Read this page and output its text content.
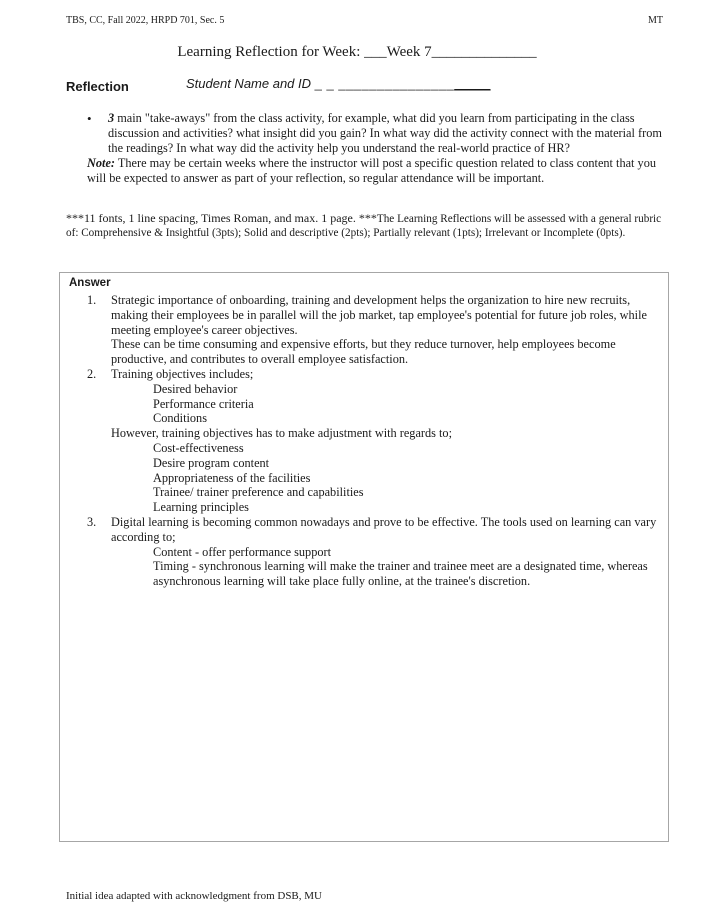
TBS, CC, Fall 2022, HRPD 701, Sec. 5	MT
Learning Reflection for Week: ___Week 7______________
Reflection	Student Name and ID _ _ ____________________
• 3 main "take-aways" from the class activity, for example, what did you learn from participating in the class discussion and activities? what insight did you gain? In what way did the activity connect with the material from the readings? In what way did the activity help you understand the real-world practice of HR?
Note: There may be certain weeks where the instructor will post a specific question related to class content that you will be expected to answer as part of your reflection, so regular attendance will be important.
***11 fonts, 1 line spacing, Times Roman, and max. 1 page. ***The Learning Reflections will be assessed with a general rubric of: Comprehensive & Insightful (3pts); Solid and descriptive (2pts); Partially relevant (1pts); Irrelevant or Incomplete (0pts).
Answer
1. Strategic importance of onboarding, training and development helps the organization to hire new recruits, making their employees be in parallel will the job market, tap employee's potential for future job roles, while meeting employee's career objectives.
These can be time consuming and expensive efforts, but they reduce turnover, help employees become productive, and contributes to overall employee satisfaction.
2. Training objectives includes;
Desired behavior
Performance criteria
Conditions
However, training objectives has to make adjustment with regards to;
Cost-effectiveness
Desire program content
Appropriateness of the facilities
Trainee/ trainer preference and capabilities
Learning principles
3. Digital learning is becoming common nowadays and prove to be effective. The tools used on learning can vary according to;
Content - offer performance support
Timing - synchronous learning will make the trainer and trainee meet are a designated time, whereas asynchronous learning will take place fully online, at the trainee's discretion.
Initial idea adapted with acknowledgment from DSB, MU
